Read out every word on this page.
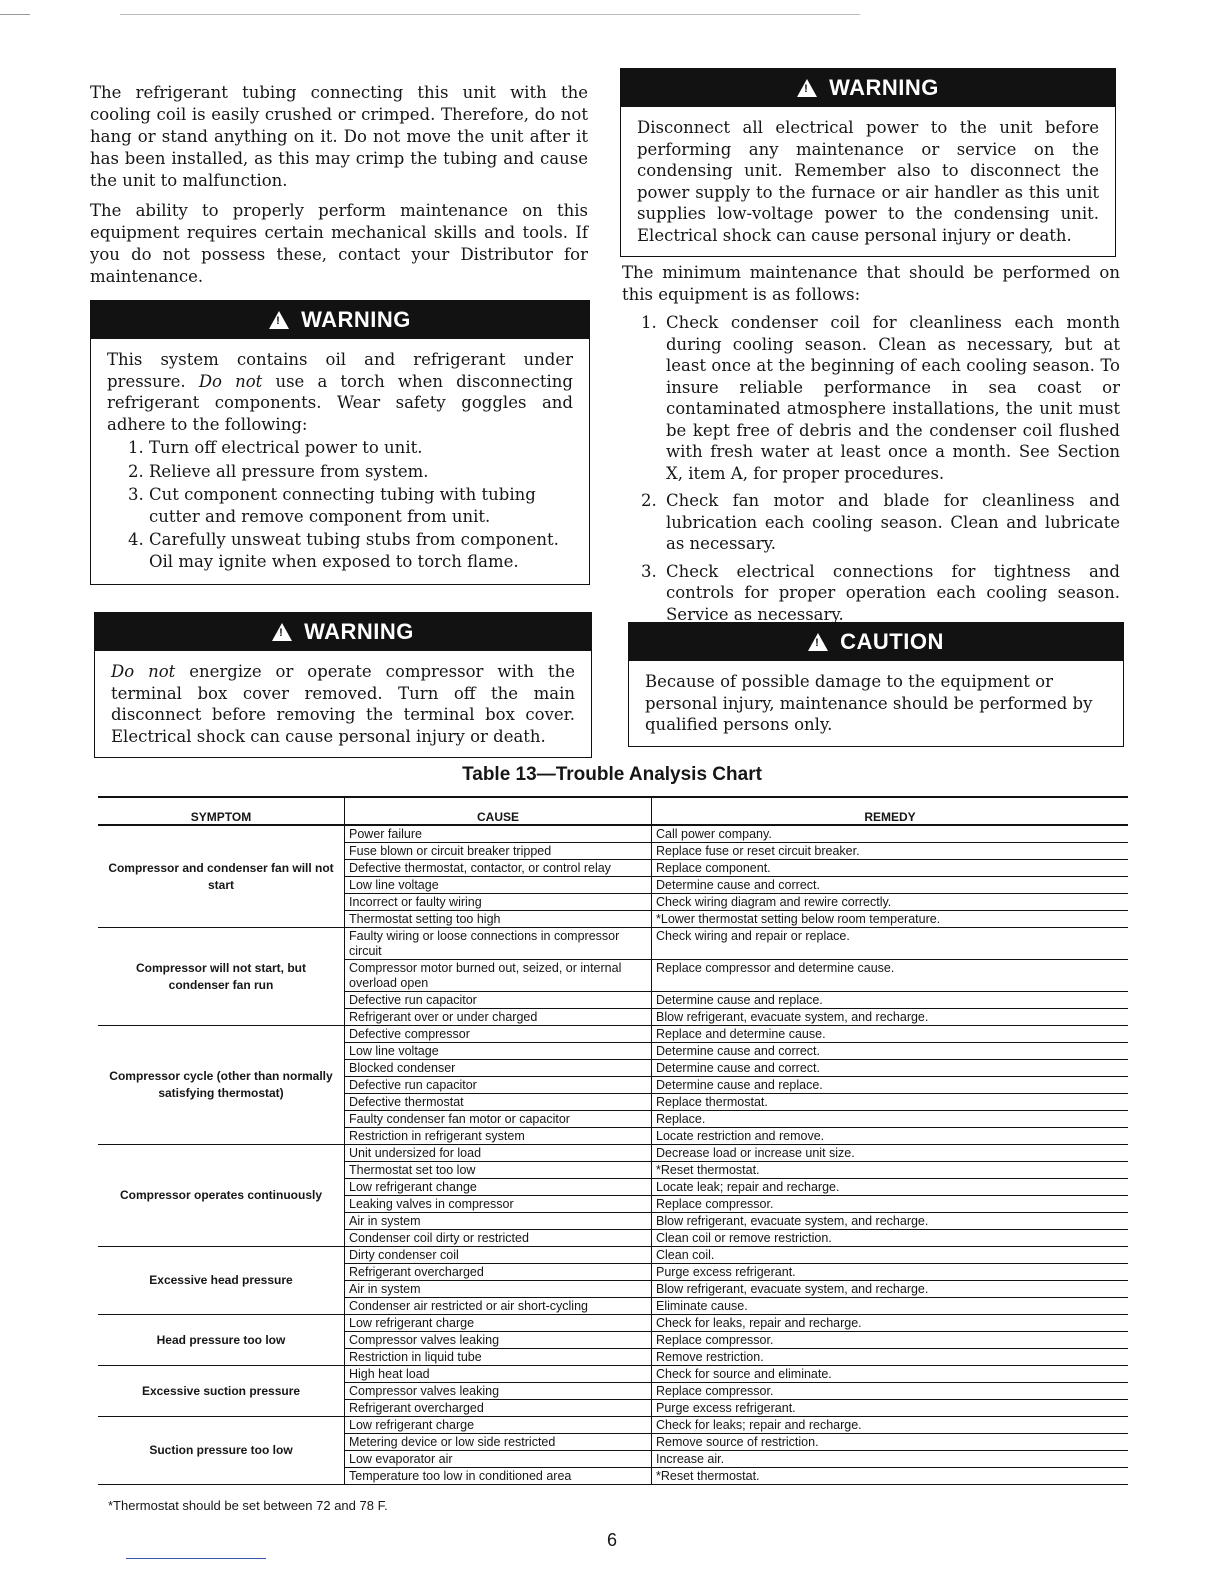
The refrigerant tubing connecting this unit with the cooling coil is easily crushed or crimped. Therefore, do not hang or stand anything on it. Do not move the unit after it has been installed, as this may crimp the tubing and cause the unit to malfunction.

The ability to properly perform maintenance on this equipment requires certain mechanical skills and tools. If you do not possess these, contact your Distributor for maintenance.

!WARNING
This system contains oil and refrigerant under pressure. Do not use a torch when disconnecting refrigerant components. Wear safety goggles and adhere to the following:
1. Turn off electrical power to unit.
2. Relieve all pressure from system.
3. Cut component connecting tubing with tubing cutter and remove component from unit.
4. Carefully unsweat tubing stubs from component. Oil may ignite when exposed to torch flame.
!WARNING
Do not energize or operate compressor with the terminal box cover removed. Turn off the main disconnect before removing the terminal box cover. Electrical shock can cause personal injury or death.
!WARNING
Disconnect all electrical power to the unit before performing any maintenance or service on the condensing unit. Remember also to disconnect the power supply to the furnace or air handler as this unit supplies low-voltage power to the condensing unit. Electrical shock can cause personal injury or death.

The minimum maintenance that should be performed on this equipment is as follows:

1. Check condenser coil for cleanliness each month during cooling season. Clean as necessary, but at least once at the beginning of each cooling season. To insure reliable performance in sea coast or contaminated atmosphere installations, the unit must be kept free of debris and the condenser coil flushed with fresh water at least once a month. See Section X, item A, for proper procedures.
2. Check fan motor and blade for cleanliness and lubrication each cooling season. Clean and lubricate as necessary.
3. Check electrical connections for tightness and controls for proper operation each cooling season. Service as necessary.
!CAUTION
Because of possible damage to the equipment or personal injury, maintenance should be performed by qualified persons only.
Table 13—Trouble Analysis Chart
SYMPTOM	CAUSE	REMEDY
Compressor and condenser fan will not start	Power failure	Call power company.
	Fuse blown or circuit breaker tripped	Replace fuse or reset circuit breaker.
	Defective thermostat, contactor, or control relay	Replace component.
	Low line voltage	Determine cause and correct.
	Incorrect or faulty wiring	Check wiring diagram and rewire correctly.
	Thermostat setting too high	*Lower thermostat setting below room temperature.
Compressor will not start, but condenser fan run	Faulty wiring or loose connections in compressor circuit	Check wiring and repair or replace.
	Compressor motor burned out, seized, or internal overload open	Replace compressor and determine cause.
	Defective run capacitor	Determine cause and replace.
	Refrigerant over or under charged	Blow refrigerant, evacuate system, and recharge.
Compressor cycle (other than normally satisfying thermostat)	Defective compressor	Replace and determine cause.
	Low line voltage	Determine cause and correct.
	Blocked condenser	Determine cause and correct.
	Defective run capacitor	Determine cause and replace.
	Defective thermostat	Replace thermostat.
	Faulty condenser fan motor or capacitor	Replace.
	Restriction in refrigerant system	Locate restriction and remove.
Compressor operates continuously	Unit undersized for load	Decrease load or increase unit size.
	Thermostat set too low	*Reset thermostat.
	Low refrigerant change	Locate leak; repair and recharge.
	Leaking valves in compressor	Replace compressor.
	Air in system	Blow refrigerant, evacuate system, and recharge.
	Condenser coil dirty or restricted	Clean coil or remove restriction.
Excessive head pressure	Dirty condenser coil	Clean coil.
	Refrigerant overcharged	Purge excess refrigerant.
	Air in system	Blow refrigerant, evacuate system, and recharge.
	Condenser air restricted or air short-cycling	Eliminate cause.
Head pressure too low	Low refrigerant charge	Check for leaks, repair and recharge.
	Compressor valves leaking	Replace compressor.
	Restriction in liquid tube	Remove restriction.
Excessive suction pressure	High heat load	Check for source and eliminate.
	Compressor valves leaking	Replace compressor.
	Refrigerant overcharged	Purge excess refrigerant.
Suction pressure too low	Low refrigerant charge	Check for leaks; repair and recharge.
	Metering device or low side restricted	Remove source of restriction.
	Low evaporator air	Increase air.
	Temperature too low in conditioned area	*Reset thermostat.
*Thermostat should be set between 72 and 78 F.
6
